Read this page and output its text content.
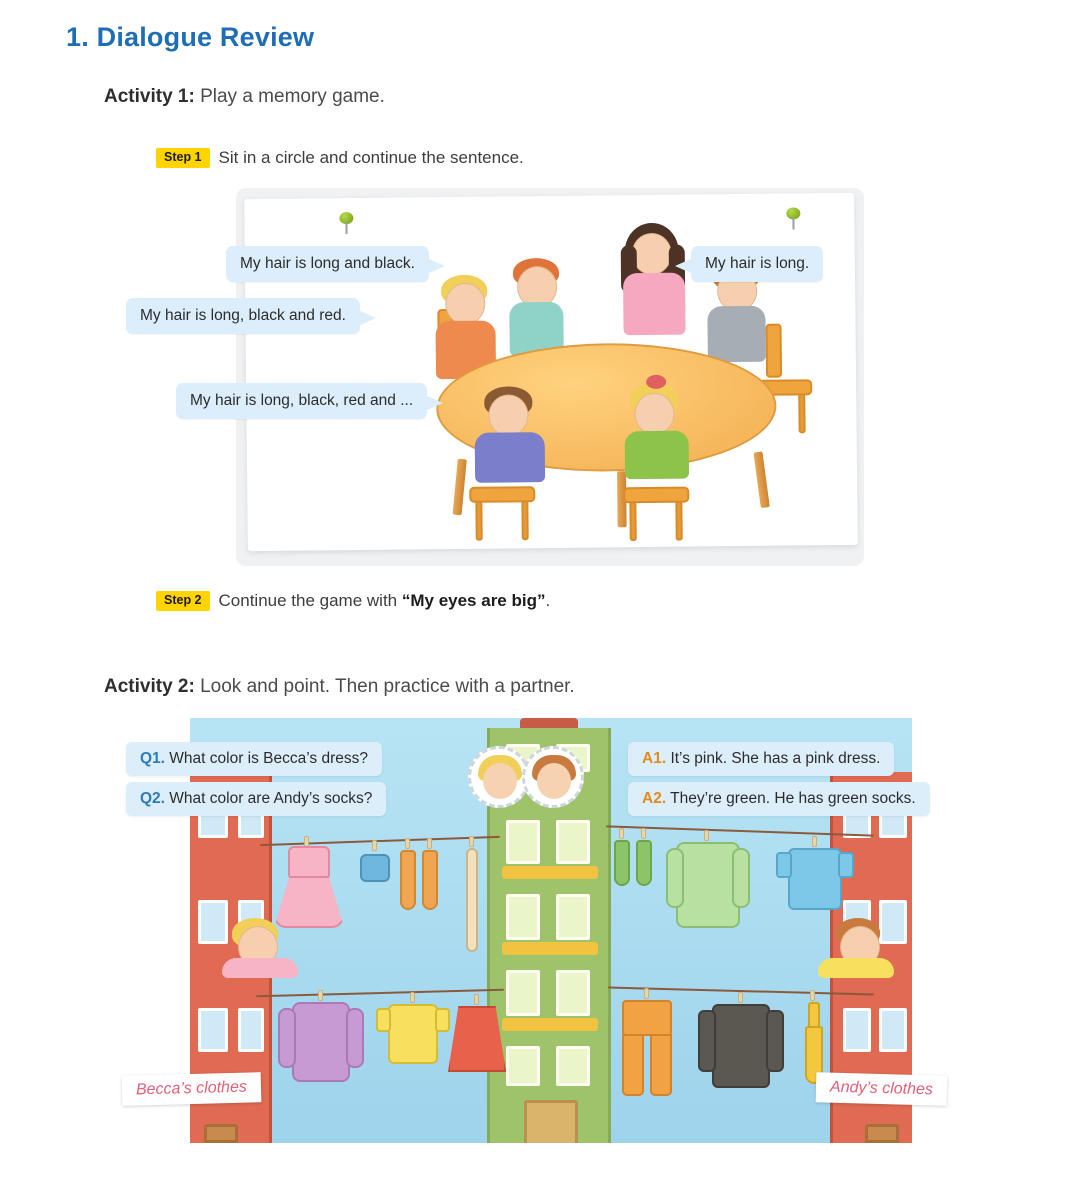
1. Dialogue Review
Activity 1: Play a memory game.
Step 1	Sit in a circle and continue the sentence.
My hair is long and black.
My hair is long, black and red.
My hair is long, black, red and ...
My hair is long.
Step 2	Continue the game with “My eyes are big”.
Activity 2: Look and point. Then practice with a partner.
Q1. What color is Becca’s dress?
Q2. What color are Andy’s socks?
A1. It’s pink. She has a pink dress.
A2. They’re green. He has green socks.
Becca’s clothes	Andy’s clothes
